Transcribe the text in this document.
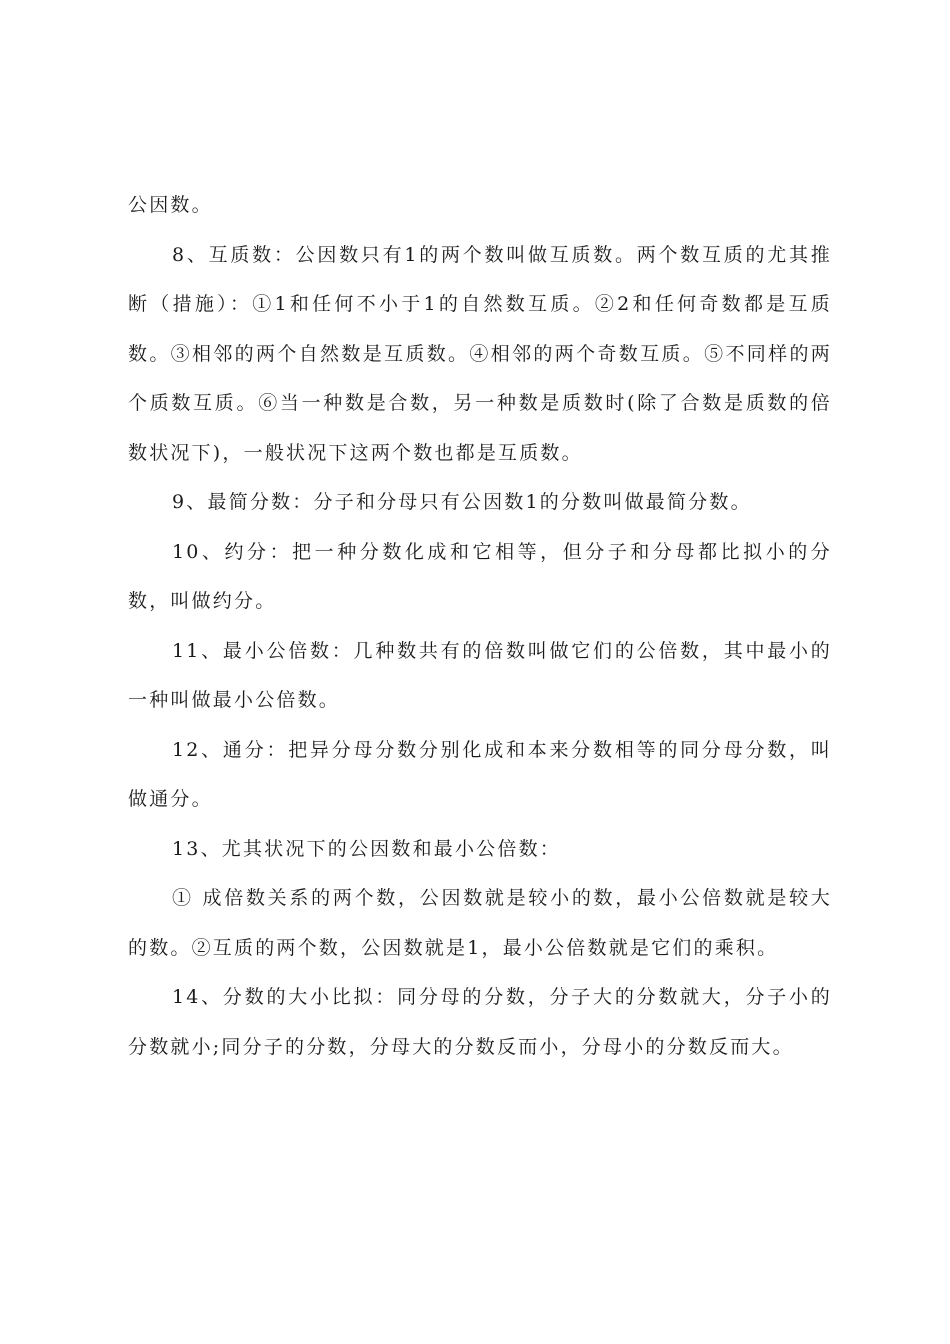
公因数。

8、互质数：公因数只有1的两个数叫做互质数。两个数互质的尤其推断（措施）：①1和任何不小于1的自然数互质。②2和任何奇数都是互质数。③相邻的两个自然数是互质数。④相邻的两个奇数互质。⑤不同样的两个质数互质。⑥当一种数是合数，另一种数是质数时(除了合数是质数的倍数状况下)，一般状况下这两个数也都是互质数。

9、最简分数：分子和分母只有公因数1的分数叫做最简分数。

10、约分：把一种分数化成和它相等，但分子和分母都比拟小的分数，叫做约分。

11、最小公倍数：几种数共有的倍数叫做它们的公倍数，其中最小的一种叫做最小公倍数。

12、通分：把异分母分数分别化成和本来分数相等的同分母分数，叫做通分。

13、尤其状况下的公因数和最小公倍数：

① 成倍数关系的两个数，公因数就是较小的数，最小公倍数就是较大的数。②互质的两个数，公因数就是1，最小公倍数就是它们的乘积。

14、分数的大小比拟：同分母的分数，分子大的分数就大，分子小的分数就小;同分子的分数，分母大的分数反而小，分母小的分数反而大。
